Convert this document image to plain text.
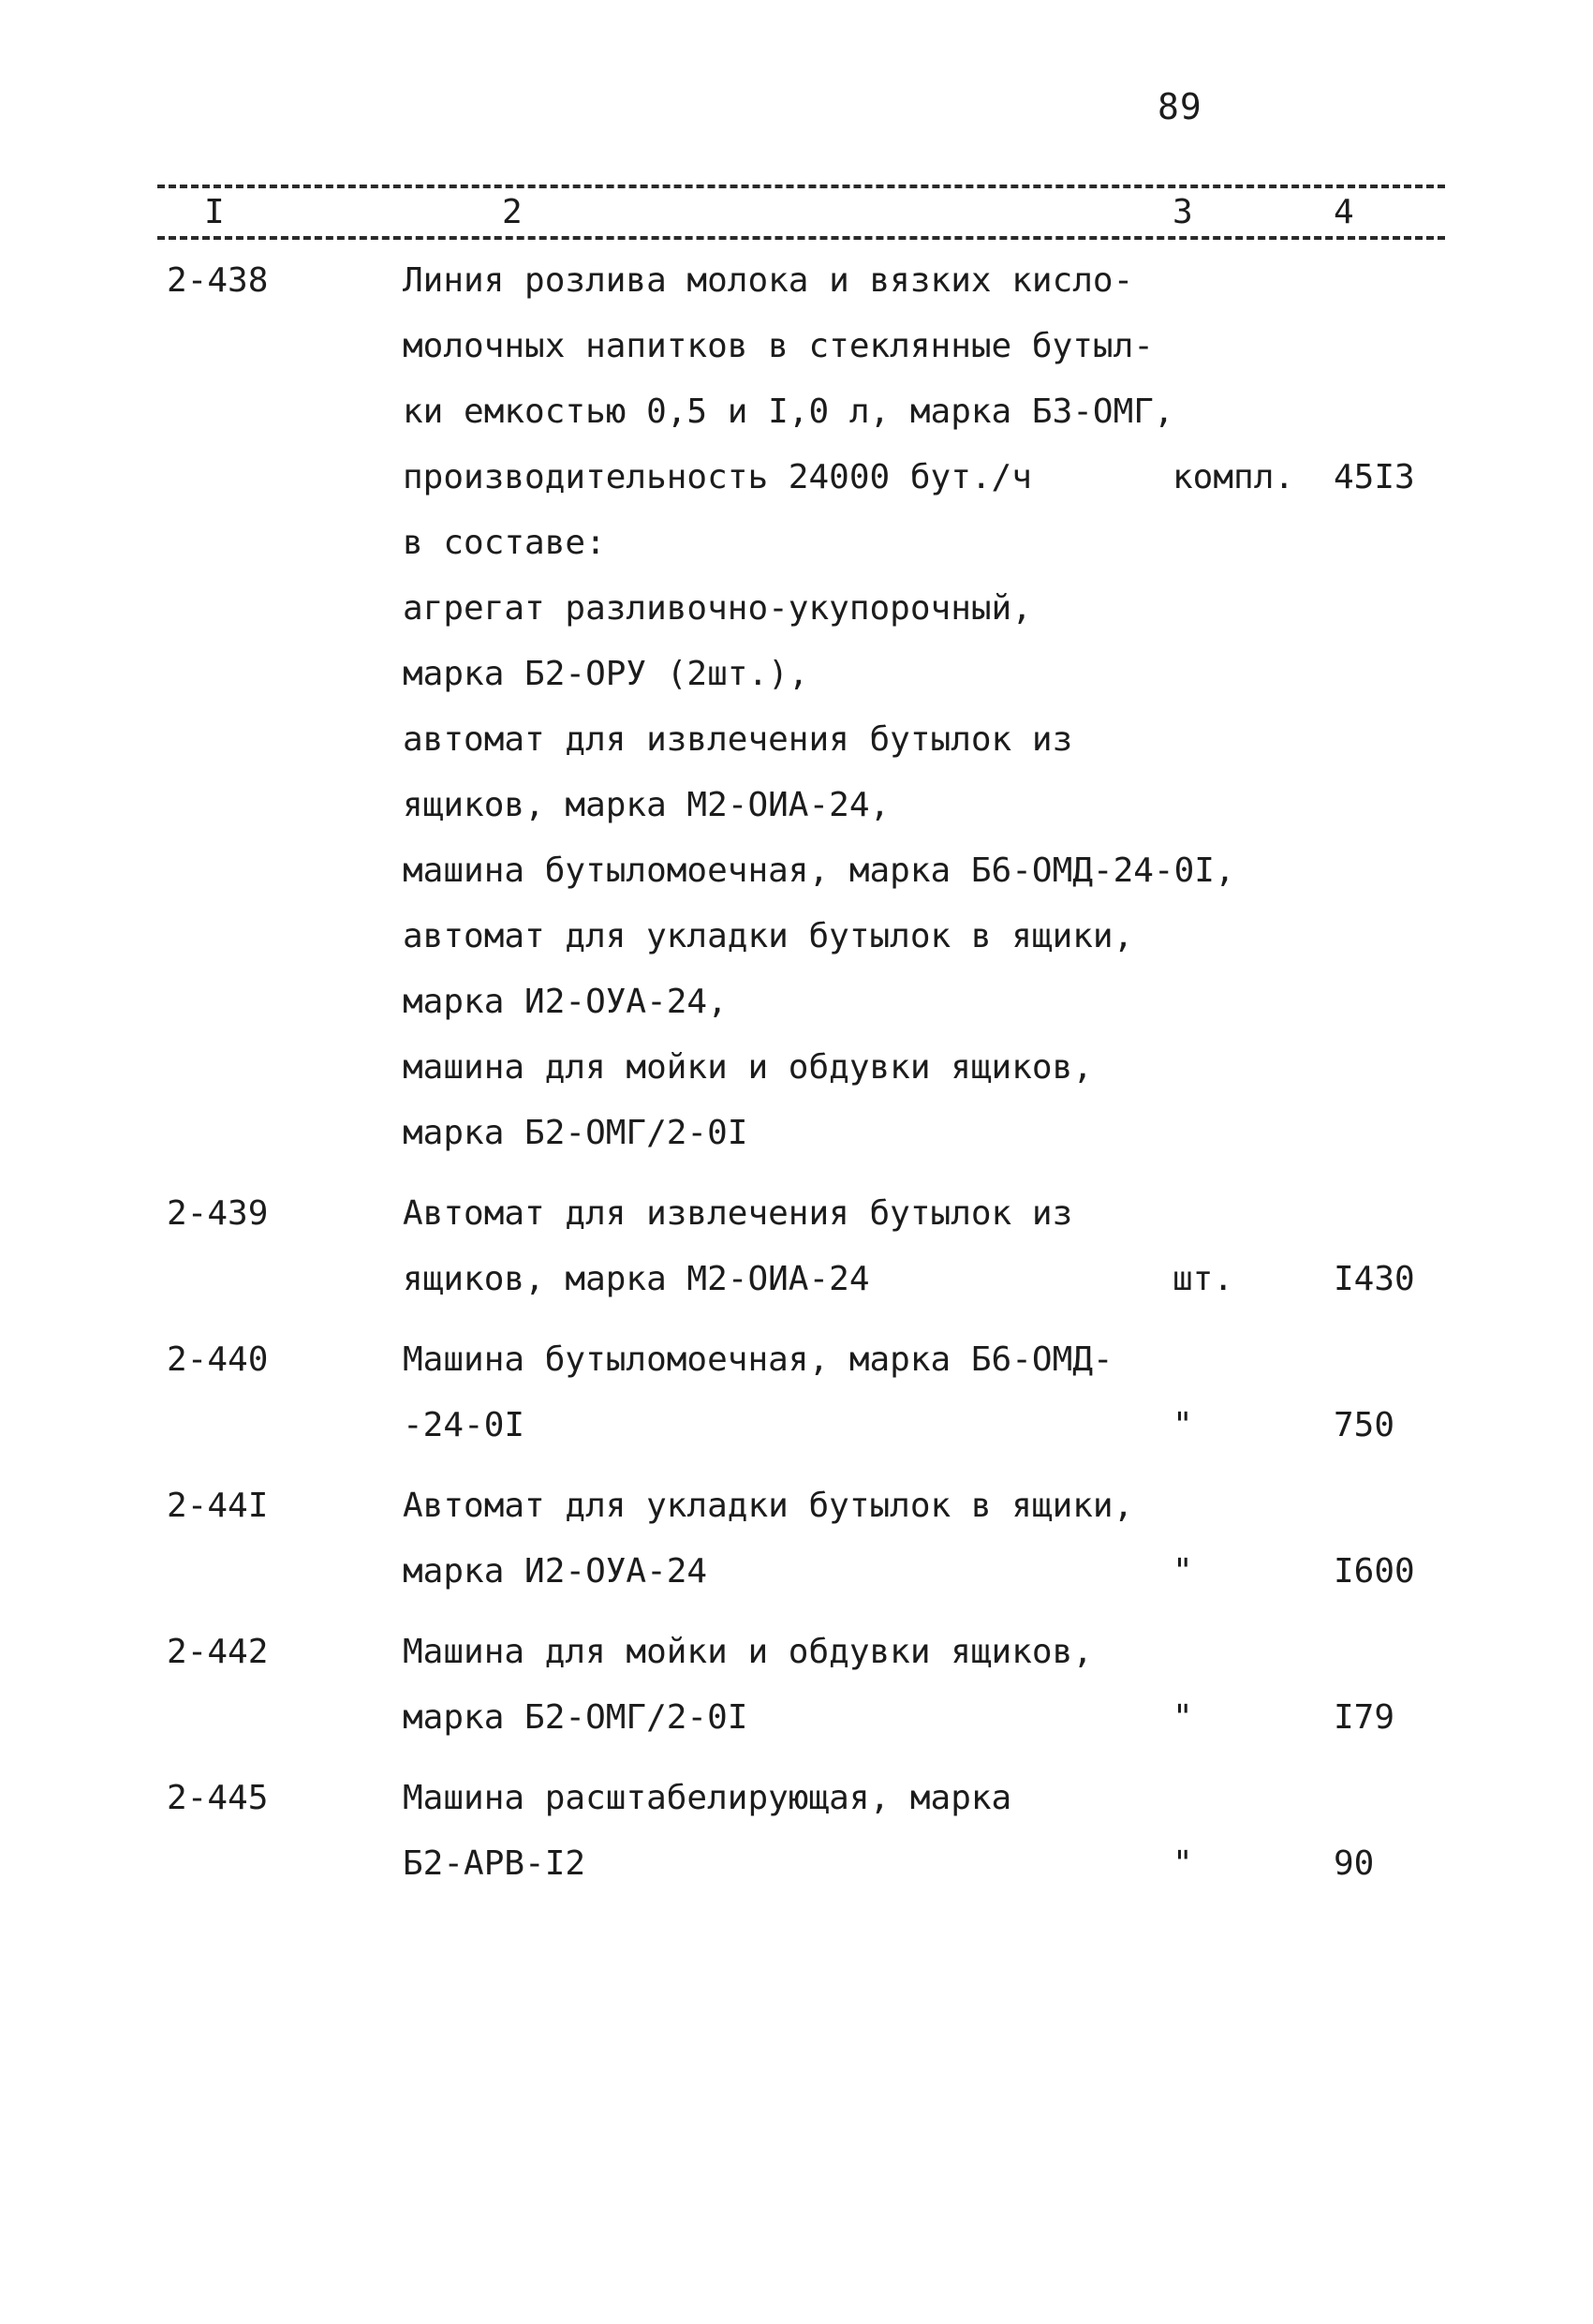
89
I	2	3	4
2-438	Линия розлива молока и вязких кисло-
молочных напитков в стеклянные бутыл-
ки емкостью 0,5 и I,0 л, марка Б3-ОМГ,
производительность 24000 бут./ч	компл. 45I3
в составе:
агрегат разливочно-укупорочный,
марка Б2-ОРУ (2шт.),
автомат для извлечения бутылок из
ящиков, марка М2-ОИА-24,
машина бутыломоечная, марка Б6-ОМД-24-0I,
автомат для укладки бутылок в ящики,
марка И2-ОУА-24,
машина для мойки и обдувки ящиков,
марка Б2-ОМГ/2-0I
2-439	Автомат для извлечения бутылок из
ящиков, марка М2-ОИА-24	шт.	I430
2-440	Машина бутыломоечная, марка Б6-ОМД-
-24-0I	"	750
2-44I	Автомат для укладки бутылок в ящики,
марка И2-ОУА-24	"	I600
2-442	Машина для мойки и обдувки ящиков,
марка Б2-ОМГ/2-0I	"	I79
2-445	Машина расштабелирующая, марка
Б2-АРВ-I2	"	90
